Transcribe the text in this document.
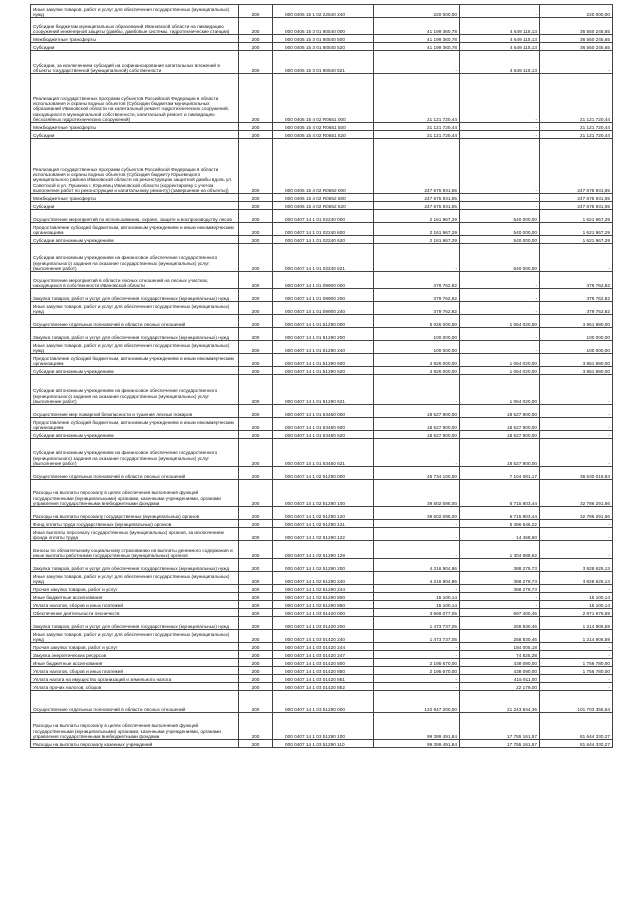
Иные закупки товаров, работ и услуг для обеспечения государственных (муниципальных) нужд	200	000 0406 15 1 02 22640 240	220 000,00	-	220 000,00
Субсидии бюджетам муниципальных образований Ивановской области на ликвидацию сооружений инженерной защиты (дамбы, дамбовые системы, гидротехнические станции)	200	000 0406 15 3 01 80540 000	41 199 360,78	4 649 115,13	36 550 245,65
Межбюджетные трансферты	200	000 0406 15 3 01 80540 500	41 199 360,78	4 649 115,13	36 550 245,65
Субсидии	200	000 0406 15 3 01 80540 520	41 199 360,78	4 649 115,13	36 550 245,65
Субсидии, за исключением субсидий на софинансирование капитальных вложений в объекты государственной (муниципальной) собственности	200	000 0406 15 3 01 80540 521	-	4 649 115,13	-
Реализация государственных программ субъектов Российской Федерации в области использования и охраны водных объектов (Субсидии бюджетам муниципальных образований Ивановской области на капитальный ремонт гидротехнических сооружений, находящихся в муниципальной собственности, капитальный ремонт и ликвидацию бесхозяйных гидротехнических сооружений)	200	000 0406 15 4 02 R0651 000	21 121 720,44	-	21 121 720,44
Межбюджетные трансферты	200	000 0406 15 4 02 R0651 500	21 121 720,44	-	21 121 720,44
Субсидии	200	000 0406 15 4 02 R0651 520	21 121 720,44	-	21 121 720,44
Реализация государственных программ субъектов Российской Федерации в области использования и охраны водных объектов (Субсидия бюджету Юрьевецкого муниципального района Ивановской области на реконструкцию защитной дамбы вдоль ул. Советской и ул. Пушкина г. Юрьевец Ивановской области (корректировку с учетом выполнения работ по реконструкции и капитальному ремонту) (завершение на объекты))	200	000 0406 15 4 02 R0652 000	247 675 931,65	-	247 675 931,65
Межбюджетные трансферты	200	000 0406 15 4 02 R0652 500	247 675 931,65	-	247 675 931,65
Субсидии	200	000 0406 15 4 02 R0652 520	247 675 931,65	-	247 675 931,65
Осуществление мероприятий по использованию, охране, защите и воспроизводству лесов	200	000 0407 14 1 01 02240 000	2 161 967,29	540 000,00	1 621 967,29
Предоставление субсидий бюджетным, автономным учреждениям и иным некоммерческим организациям	200	000 0407 14 1 01 02240 600	2 161 967,29	540 000,00	1 621 967,29
Субсидии автономным учреждениям	200	000 0407 14 1 01 02240 620	2 161 967,29	540 000,00	1 621 967,29
Субсидии автономным учреждениям на финансовое обеспечение государственного (муниципального) задания на оказание государственных (муниципальных) услуг (выполнение работ)	200	000 0407 14 1 01 02240 621	-	540 000,00	-
Осуществление мероприятий в области лесных отношений на лесных участках, находящихся в собственности Ивановской области	200	000 0407 14 1 01 09900 000	379 762,82	-	379 762,82
Закупка товаров, работ и услуг для обеспечения государственных (муниципальных) нужд	200	000 0407 14 1 01 09900 200	379 762,82	-	379 762,82
Иные закупки товаров, работ и услуг для обеспечения государственных (муниципальных) нужд	200	000 0407 14 1 01 09900 240	379 762,82	-	379 762,82
Осуществление отдельных полномочий в области лесных отношений	200	000 0407 14 1 01 51290 000	5 026 000,00	1 064 020,00	3 961 980,00
Закупка товаров, работ и услуг для обеспечения государственных (муниципальных) нужд	200	000 0407 14 1 01 51290 200	100 000,00	-	100 000,00
Иные закупки товаров, работ и услуг для обеспечения государственных (муниципальных) нужд	200	000 0407 14 1 01 51290 240	100 000,00	-	100 000,00
Предоставление субсидий бюджетным, автономным учреждениям и иным некоммерческим организациям	200	000 0407 14 1 01 51290 600	4 926 000,00	1 064 020,00	3 861 980,00
Субсидии автономным учреждениям	200	000 0407 14 1 01 51290 620	4 926 000,00	1 064 020,00	3 861 980,00
Субсидии автономным учреждениям на финансовое обеспечение государственного (муниципального) задания на оказание государственных (муниципальных) услуг (выполнение работ)	200	000 0407 14 1 01 51290 621	-	1 064 020,00	-
Осуществление мер пожарной безопасности и тушение лесных пожаров	200	000 0407 14 1 01 53450 000	18 527 900,00	18 527 900,00	-
Предоставление субсидий бюджетным, автономным учреждениям и иным некоммерческим организациям	200	000 0407 14 1 01 53450 600	18 527 900,00	18 527 900,00	-
Субсидии автономным учреждениям	200	000 0407 14 1 01 53450 620	18 527 900,00	18 527 900,00	-
Субсидии автономным учреждениям на финансовое обеспечение государственного (муниципального) задания на оказание государственных (муниципальных) услуг (выполнение работ)	200	000 0407 14 1 01 53450 621	-	18 527 900,00	-
Осуществление отдельных полномочий в области лесных отношений	200	000 0407 14 1 02 51290 000	45 734 100,00	7 104 081,17	38 630 018,83
Расходы на выплаты персоналу в целях обеспечения выполнения функций государственными (муниципальными) органами, казенными учреждениями, органами управления государственными внебюджетными фондами	200	000 0407 14 1 02 51290 100	39 502 095,00	6 715 803,44	32 786 291,56
Расходы на выплаты персоналу государственных (муниципальных) органов	200	000 0407 14 1 02 51290 120	39 502 095,00	6 715 803,44	32 786 291,56
Фонд оплаты труда государственных (муниципальных) органов	200	000 0407 14 1 02 51290 121	-	5 396 646,22	-
Иные выплаты персоналу государственных (муниципальных) органов, за исключением фонда оплаты труда	200	000 0407 14 1 02 51290 122	-	14 468,60	-
Взносы по обязательному социальному страхованию на выплаты денежного содержания и иные выплаты работникам государственных (муниципальных) органов	200	000 0407 14 1 02 51290 129	-	1 304 688,62	-
Закупка товаров, работ и услуг для обеспечения государственных (муниципальных) нужд	200	000 0407 14 1 02 51290 200	4 216 904,86	388 279,73	3 828 625,13
Иные закупки товаров, работ и услуг для обеспечения государственных (муниципальных) нужд	200	000 0407 14 1 02 51290 240	4 216 904,86	388 279,73	3 828 625,13
Прочая закупка товаров, работ и услуг	200	000 0407 14 1 02 51290 244	-	388 279,73	-
Иные бюджетные ассигнования	200	000 0407 14 1 02 51290 800	15 100,14	-	15 100,14
Уплата налогов, сборов и иных платежей	200	000 0407 14 1 02 51290 850	15 100,14	-	15 100,14
Обеспечение деятельности лесничеств	200	000 0407 14 1 03 01420 000	3 669 077,05	697 400,46	2 971 676,59
Закупка товаров, работ и услуг для обеспечения государственных (муниципальных) нужд	200	000 0407 14 1 03 01420 200	1 473 737,05	258 830,46	1 214 906,59
Иные закупки товаров, работ и услуг для обеспечения государственных (муниципальных) нужд	200	000 0407 14 1 03 01420 240	1 473 737,05	258 830,46	1 214 906,59
Прочая закупка товаров, работ и услуг	200	000 0407 14 1 03 01420 244	-	184 005,18	-
Закупка энергетических ресурсов	200	000 0407 14 1 03 01420 247	-	74 825,28	-
Иные бюджетные ассигнования	200	000 0407 14 1 03 01420 800	2 195 670,00	438 090,00	1 756 780,00
Уплата налогов, сборов и иных платежей	200	000 0407 14 1 03 01420 850	2 195 670,00	438 090,00	1 756 780,00
Уплата налога на имущество организаций и земельного налога	200	000 0407 14 1 03 01420 851	-	415 911,00	-
Уплата прочих налогов, сборов	200	000 0407 14 1 03 01420 852	-	22 179,00	-
Осуществление отдельных полномочий в области лесных отношений	200	000 0407 14 1 03 51290 000	122 947 200,00	21 243 844,36	101 703 355,64
Расходы на выплаты персоналу в целях обеспечения выполнения функций государственными (муниципальными) органами, казенными учреждениями, органами управления государственными внебюджетными фондами	200	000 0407 14 1 03 51290 100	99 399 491,84	17 755 161,57	81 644 330,27
Расходы на выплаты персоналу казенных учреждений	200	000 0407 14 1 03 51290 110	99 399 491,84	17 755 161,57	81 644 330,27
